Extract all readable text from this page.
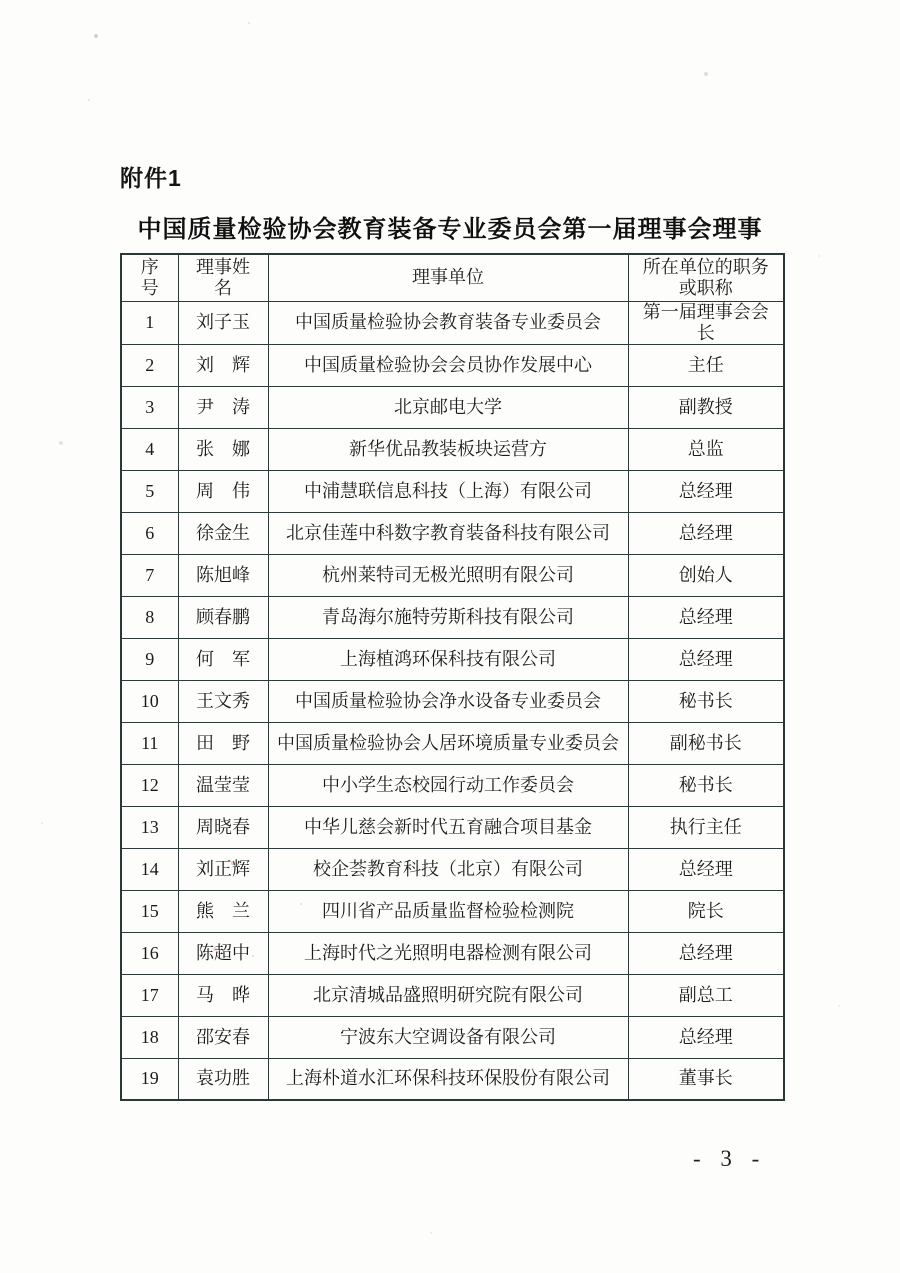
附件1
中国质量检验协会教育装备专业委员会第一届理事会理事
序号	理事姓名	理事单位	所在单位的职务或职称
1	刘子玉	中国质量检验协会教育装备专业委员会	第一届理事会会长
2	刘　辉	中国质量检验协会会员协作发展中心	主任
3	尹　涛	北京邮电大学	副教授
4	张　娜	新华优品教装板块运营方	总监
5	周　伟	中浦慧联信息科技（上海）有限公司	总经理
6	徐金生	北京佳莲中科数字教育装备科技有限公司	总经理
7	陈旭峰	杭州莱特司无极光照明有限公司	创始人
8	顾春鹏	青岛海尔施特劳斯科技有限公司	总经理
9	何　军	上海植鸿环保科技有限公司	总经理
10	王文秀	中国质量检验协会净水设备专业委员会	秘书长
11	田　野	中国质量检验协会人居环境质量专业委员会	副秘书长
12	温莹莹	中小学生态校园行动工作委员会	秘书长
13	周晓春	中华儿慈会新时代五育融合项目基金	执行主任
14	刘正辉	校企荟教育科技（北京）有限公司	总经理
15	熊　兰	四川省产品质量监督检验检测院	院长
16	陈超中	上海时代之光照明电器检测有限公司	总经理
17	马　晔	北京清城品盛照明研究院有限公司	副总工
18	邵安春	宁波东大空调设备有限公司	总经理
19	袁功胜	上海朴道水汇环保科技环保股份有限公司	董事长
- 3 -
